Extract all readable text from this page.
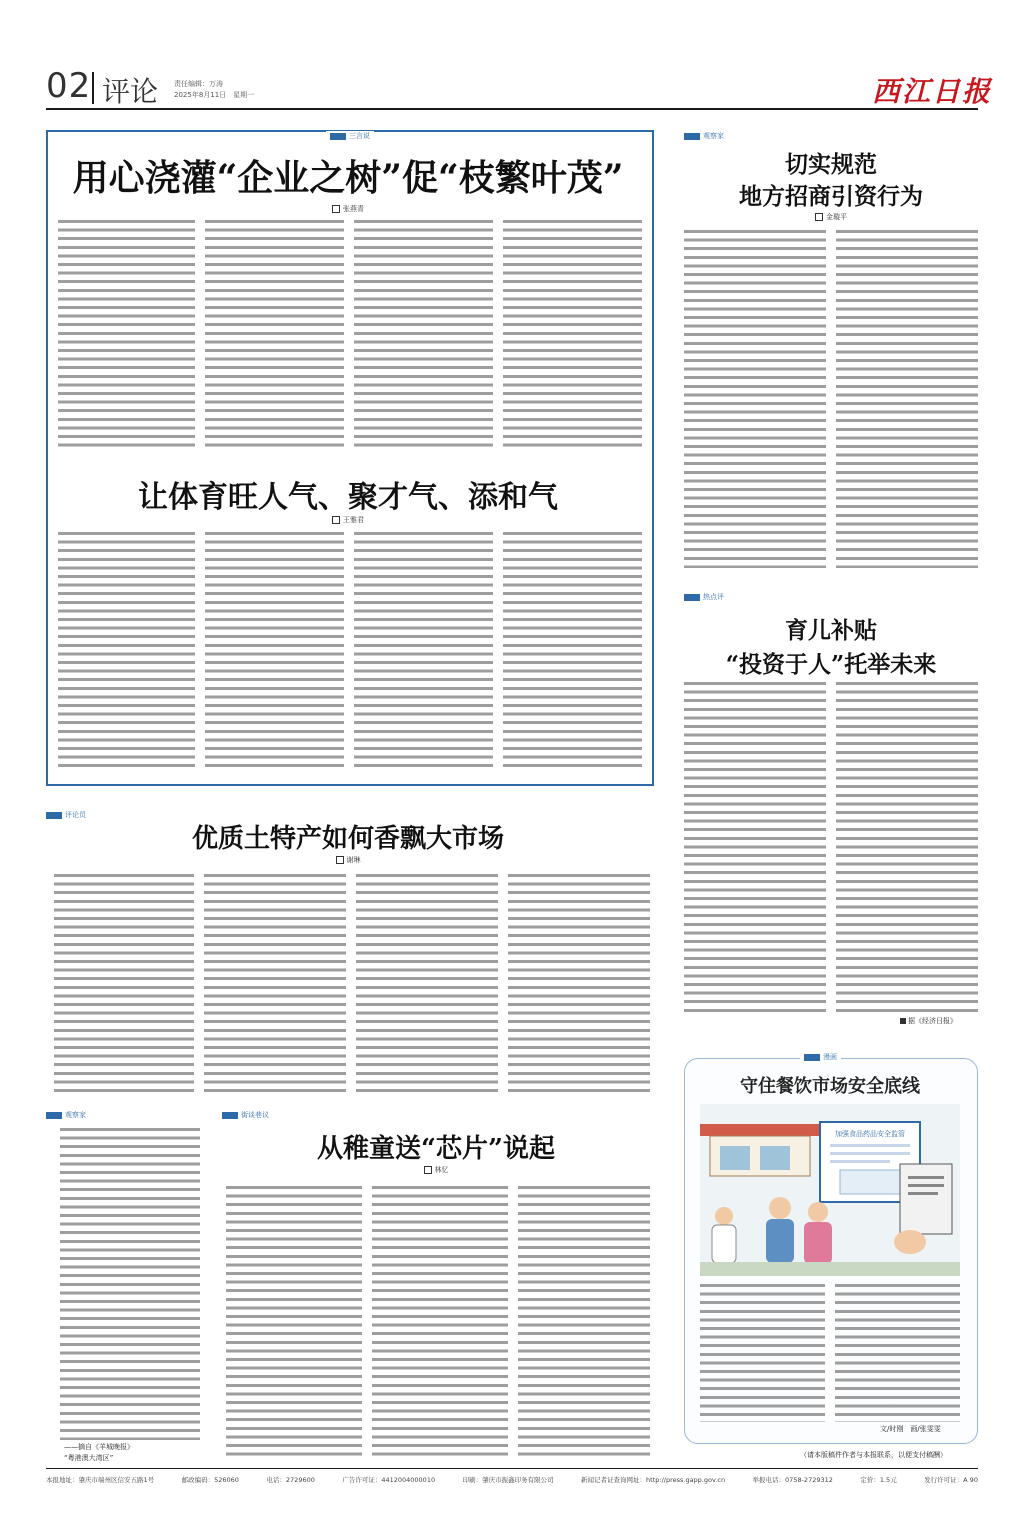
02 评论 责任编辑：万涛
2025年8月11日　星期一	西江日报
三言说
用心浇灌“企业之树”促“枝繁叶茂”
张燕青
让体育旺人气、聚才气、添和气
王雅君
观察家
切实规范
地方招商引资行为
金璇平
热点评
育儿补贴
“投资于人”托举未来
据《经济日报》
评论员
优质土特产如何香飘大市场
谢琳
观察家
——摘自《羊城晚报》
“粤港澳大湾区”
街谈巷议
从稚童送“芯片”说起
林忆
漫画
守住餐饮市场安全底线
加强食品药品安全监管
文/时刚　画/张雯雯
（请本版稿件作者与本报联系，以便支付稿酬）
本报地址：肇庆市端州区信安五路1号	邮政编码：526060	电话：2729600	广告许可证：4412004000010	印刷：肇庆市振鑫印务有限公司	新闻记者证查询网址：http://press.gapp.gov.cn	举报电话：0758-2729312	定价：1.5元	发行许可证：A 90
